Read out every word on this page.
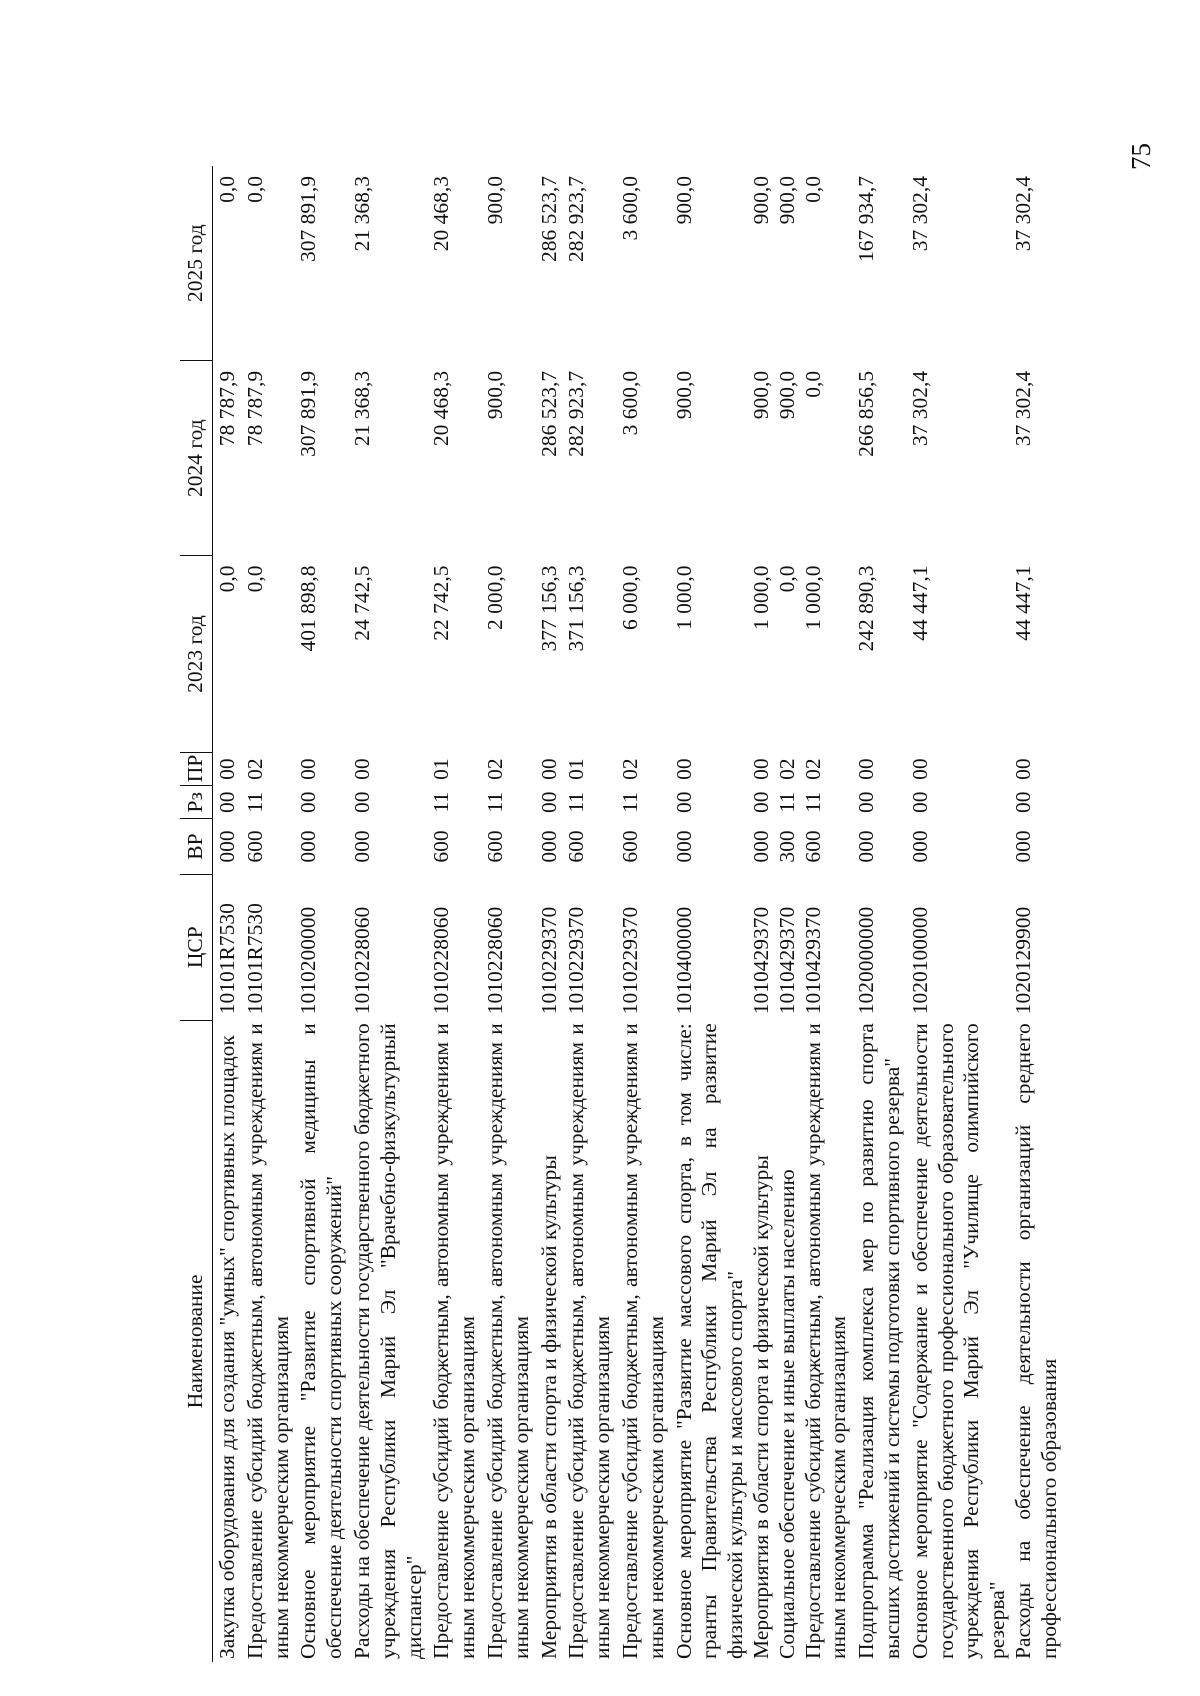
75
Наименование	ЦСР	ВР	Рз	ПР	2023 год	2024 год	2025 год
Закупка оборудования для создания "умных" спортивных площадок	10101R7530	000	00	00	0,0	78 787,9	0,0
Предоставление субсидий бюджетным, автономным учреждениям и иным некоммерческим организациям	10101R7530	600	11	02	0,0	78 787,9	0,0
Основное мероприятие "Развитие спортивной медицины и обеспечение деятельности спортивных сооружений"	1010200000	000	00	00	401 898,8	307 891,9	307 891,9
Расходы на обеспечение деятельности государственного бюджетного учреждения Республики Марий Эл "Врачебно-физкультурный диспансер"	1010228060	000	00	00	24 742,5	21 368,3	21 368,3
Предоставление субсидий бюджетным, автономным учреждениям и иным некоммерческим организациям	1010228060	600	11	01	22 742,5	20 468,3	20 468,3
Предоставление субсидий бюджетным, автономным учреждениям и иным некоммерческим организациям	1010228060	600	11	02	2 000,0	900,0	900,0
Мероприятия в области спорта и физической культуры	1010229370	000	00	00	377 156,3	286 523,7	286 523,7
Предоставление субсидий бюджетным, автономным учреждениям и иным некоммерческим организациям	1010229370	600	11	01	371 156,3	282 923,7	282 923,7
Предоставление субсидий бюджетным, автономным учреждениям и иным некоммерческим организациям	1010229370	600	11	02	6 000,0	3 600,0	3 600,0
Основное мероприятие "Развитие массового спорта, в том числе: гранты Правительства Республики Марий Эл на развитие физической культуры и массового спорта"	1010400000	000	00	00	1 000,0	900,0	900,0
Мероприятия в области спорта и физической культуры	1010429370	000	00	00	1 000,0	900,0	900,0
Социальное обеспечение и иные выплаты населению	1010429370	300	11	02	0,0	900,0	900,0
Предоставление субсидий бюджетным, автономным учреждениям и иным некоммерческим организациям	1010429370	600	11	02	1 000,0	0,0	0,0
Подпрограмма "Реализация комплекса мер по развитию спорта высших достижений и системы подготовки спортивного резерва"	1020000000	000	00	00	242 890,3	266 856,5	167 934,7
Основное мероприятие "Содержание и обеспечение деятельности государственного бюджетного профессионального образовательного учреждения Республики Марий Эл "Училище олимпийского резерва"	1020100000	000	00	00	44 447,1	37 302,4	37 302,4
Расходы на обеспечение деятельности организаций среднего профессионального образования	1020129900	000	00	00	44 447,1	37 302,4	37 302,4
